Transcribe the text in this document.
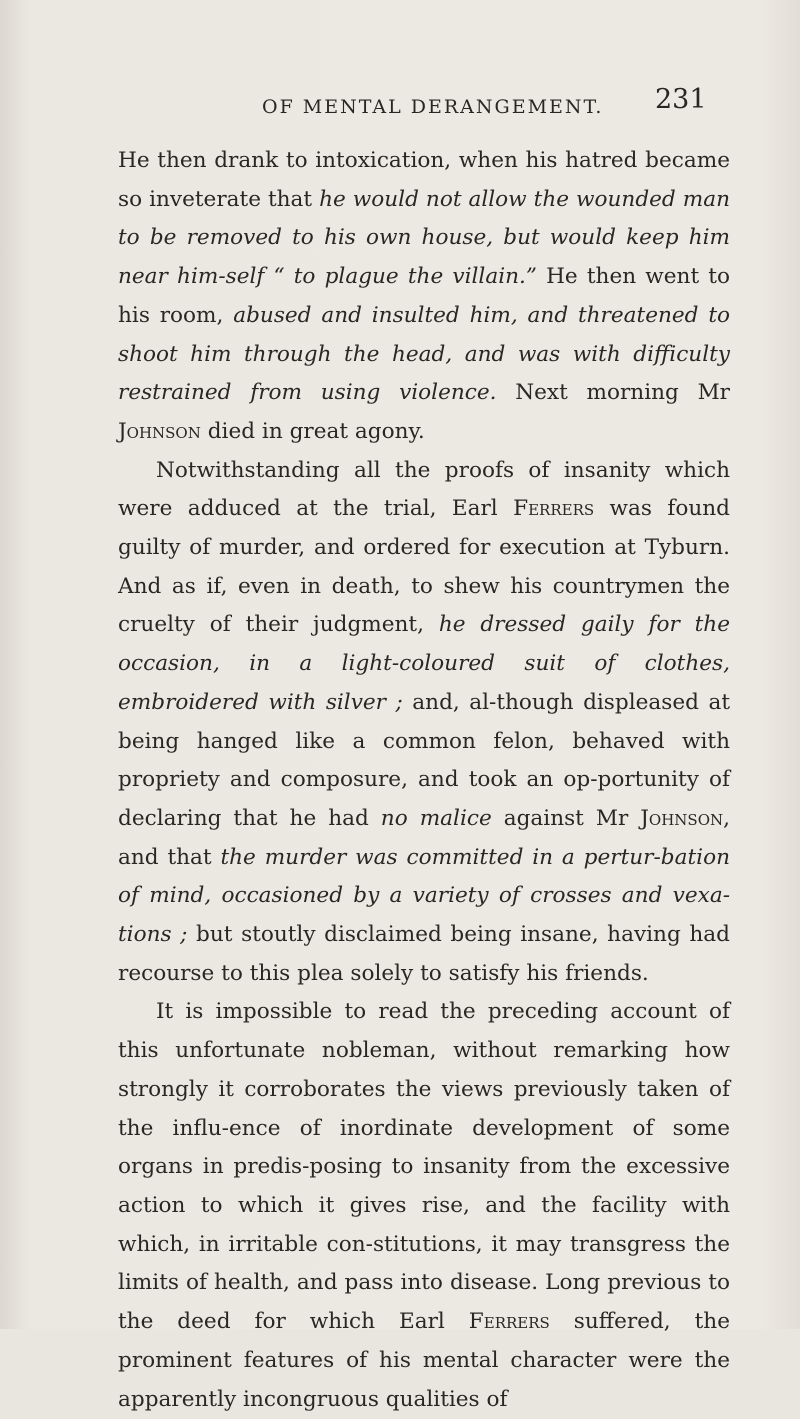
OF MENTAL DERANGEMENT. 231

He then drank to intoxication, when his hatred became so inveterate that he would not allow the wounded man to be removed to his own house, but would keep him near him-self “ to plague the villain.” He then went to his room, abused and insulted him, and threatened to shoot him through the head, and was with difficulty restrained from using violence. Next morning Mr Johnson died in great agony.

Notwithstanding all the proofs of insanity which were adduced at the trial, Earl Ferrers was found guilty of murder, and ordered for execution at Tyburn. And as if, even in death, to shew his countrymen the cruelty of their judgment, he dressed gaily for the occasion, in a light-coloured suit of clothes, embroidered with silver ; and, al-though displeased at being hanged like a common felon, behaved with propriety and composure, and took an op-portunity of declaring that he had no malice against Mr Johnson, and that the murder was committed in a pertur-bation of mind, occasioned by a variety of crosses and vexa-tions ; but stoutly disclaimed being insane, having had recourse to this plea solely to satisfy his friends.

It is impossible to read the preceding account of this unfortunate nobleman, without remarking how strongly it corroborates the views previously taken of the influ-ence of inordinate development of some organs in predis-posing to insanity from the excessive action to which it gives rise, and the facility with which, in irritable con-stitutions, it may transgress the limits of health, and pass into disease. Long previous to the deed for which Earl Ferrers suffered, the prominent features of his mental character were the apparently incongruous qualities of
